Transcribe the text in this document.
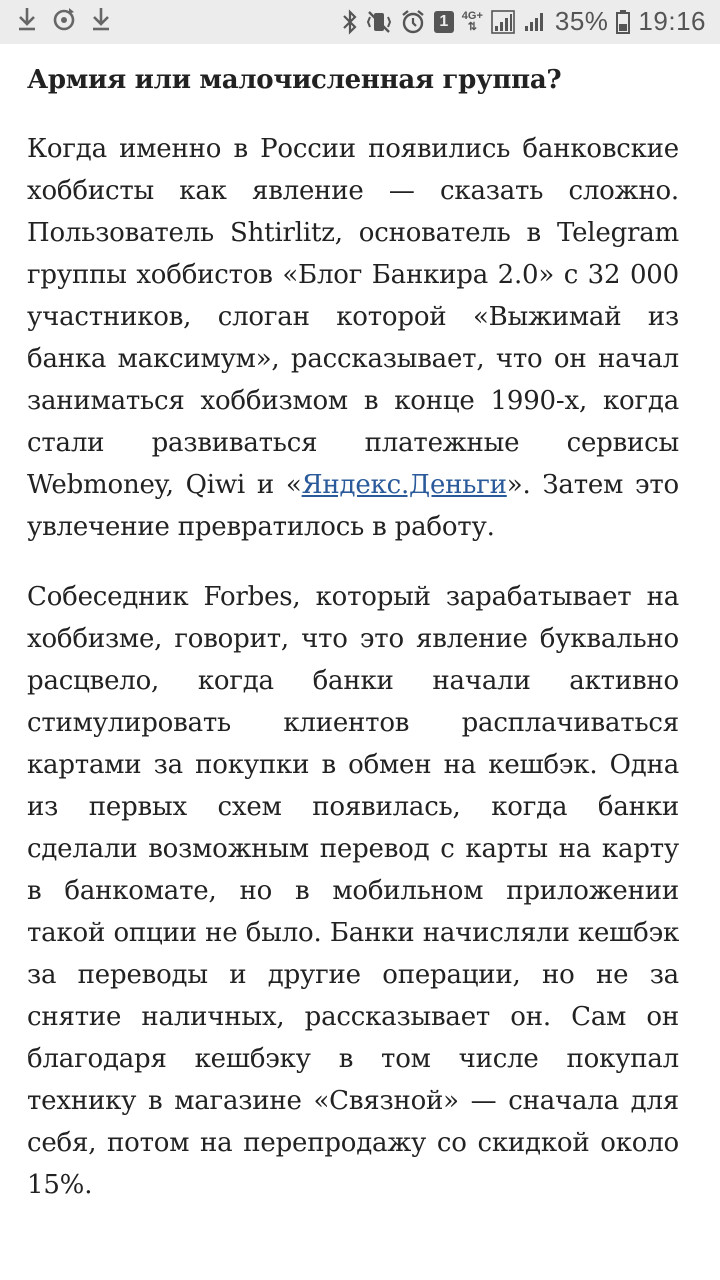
1	4G+
⇅	35% 19:16
Армия или малочисленная группа?

Когда именно в России появились банковские хоббисты как явление — сказать сложно. Пользователь Shtirlitz, основатель в Telegram группы хоббистов «Блог Банкира 2.0» с 32 000 участников, слоган которой «Выжимай из банка максимум», рассказывает, что он начал заниматься хоббизмом в конце 1990-х, когда стали развиваться платежные сервисы Webmoney, Qiwi и «Яндекс.Деньги». Затем это увлечение превратилось в работу.

Собеседник Forbes, который зарабатывает на хоббизме, говорит, что это явление буквально расцвело, когда банки начали активно стимулировать клиентов расплачиваться картами за покупки в обмен на кешбэк. Одна из первых схем появилась, когда банки сделали возможным перевод с карты на карту в банкомате, но в мобильном приложении такой опции не было. Банки начисляли кешбэк за переводы и другие операции, но не за снятие наличных, рассказывает он. Сам он благодаря кешбэку в том числе покупал технику в магазине «Связной» — сначала для себя, потом на перепродажу со скидкой около 15%.
